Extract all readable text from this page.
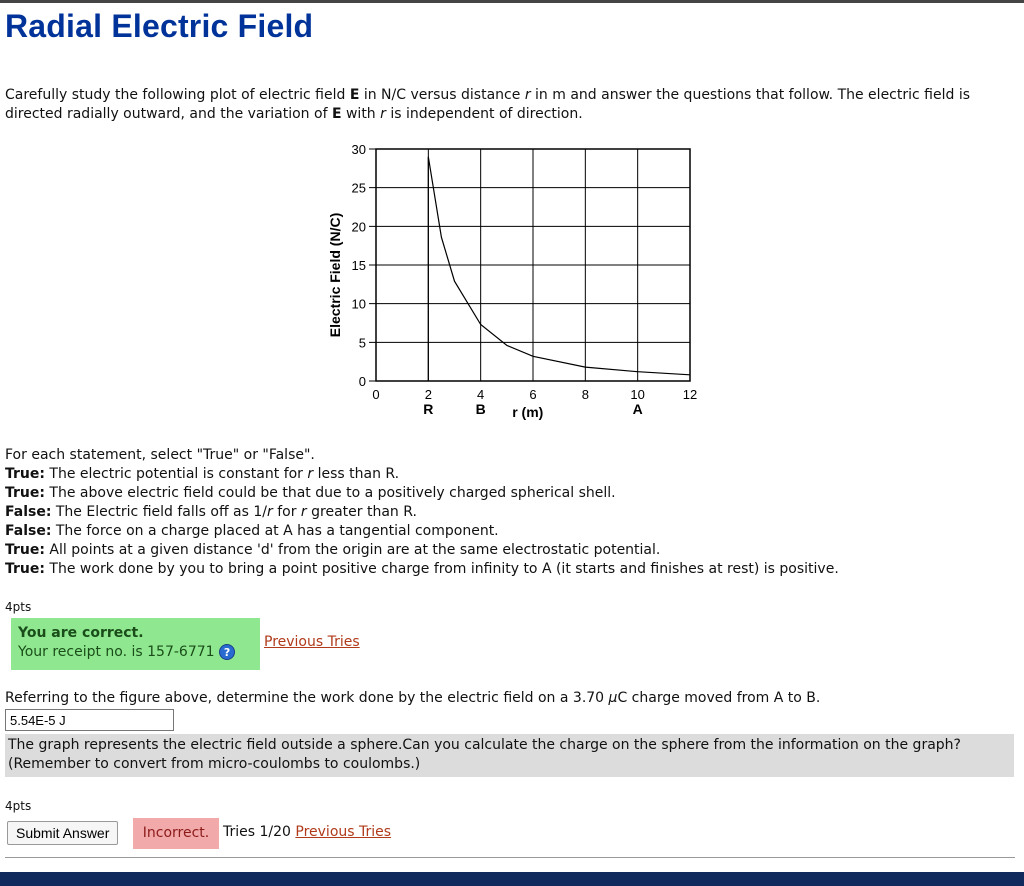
Radial Electric Field
Carefully study the following plot of electric field E in N/C versus distance r in m and answer the questions that follow. The electric field is directed radially outward, and the variation of E with r is independent of direction.
0	2	4	6	8	10	12
0
5
10
15
20
25
30
R	B	A
r (m)
Electric Field (N/C)
For each statement, select "True" or "False".
True: The electric potential is constant for r less than R.
True: The above electric field could be that due to a positively charged spherical shell.
False: The Electric field falls off as 1/r for r greater than R.
False: The force on a charge placed at A has a tangential component.
True: All points at a given distance 'd' from the origin are at the same electrostatic potential.
True: The work done by you to bring a point positive charge from infinity to A (it starts and finishes at rest) is positive.
4pts
You are correct.
Your receipt no. is 157-6771 ?
Previous Tries
Referring to the figure above, determine the work done by the electric field on a 3.70 μC charge moved from A to B.
5.54E-5 J
The graph represents the electric field outside a sphere.Can you calculate the charge on the sphere from the information on the graph? (Remember to convert from micro-coulombs to coulombs.)
4pts
Submit Answer	Incorrect. Tries 1/20 Previous Tries
